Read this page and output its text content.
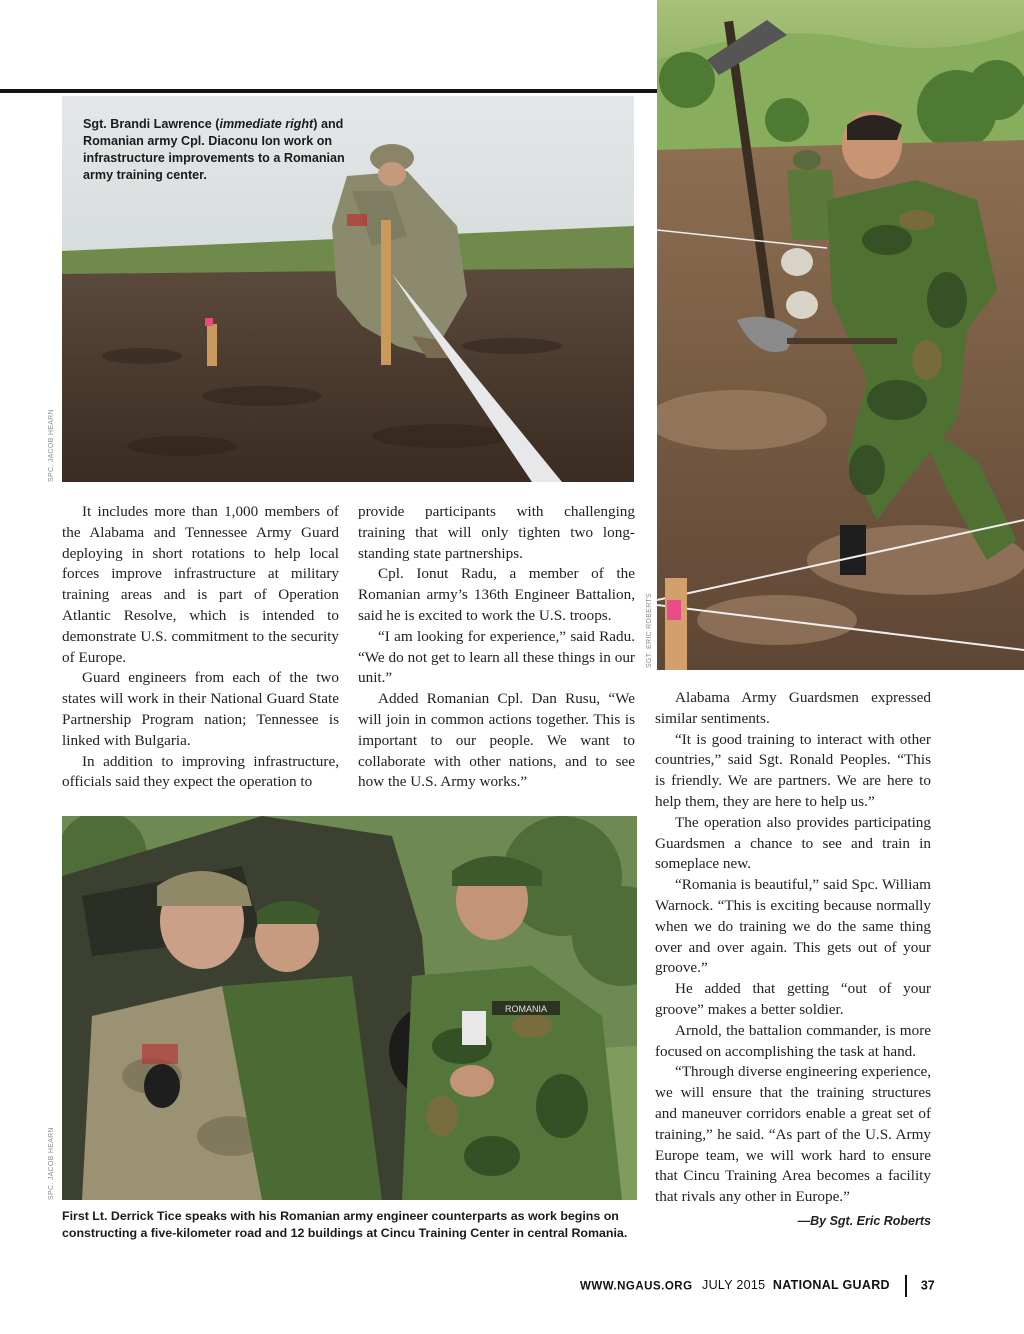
Sgt. Brandi Lawrence (immediate right) and Romanian army Cpl. Diaconu Ion work on infrastructure improvements to a Romanian army training center.
SPC. JACOB HEARN
SGT. ERIC ROBERTS

It includes more than 1,000 members of the Alabama and Tennessee Army Guard deploying in short rotations to help local forces improve infrastructure at military training areas and is part of Operation Atlantic Resolve, which is intended to demonstrate U.S. commitment to the security of Europe.

Guard engineers from each of the two states will work in their National Guard State Partnership Program nation; Tennessee is linked with Bulgaria.

In addition to improving infrastructure, officials said they expect the operation to

provide participants with challenging training that will only tighten two long-standing state partnerships.

Cpl. Ionut Radu, a member of the Romanian army’s 136th Engineer Battalion, said he is excited to work the U.S. troops.

“I am looking for experience,” said Radu. “We do not get to learn all these things in our unit.”

Added Romanian Cpl. Dan Rusu, “We will join in common actions together. This is important to our people. We want to collaborate with other nations, and to see how the U.S. Army works.”

Alabama Army Guardsmen expressed similar sentiments.

“It is good training to interact with other countries,” said Sgt. Ronald Peoples. “This is friendly. We are partners. We are here to help them, they are here to help us.”

The operation also provides participating Guardsmen a chance to see and train in someplace new.

“Romania is beautiful,” said Spc. William Warnock. “This is exciting because normally when we do training we do the same thing over and over again. This gets out of your groove.”

He added that getting “out of your groove” makes a better soldier.

Arnold, the battalion commander, is more focused on accomplishing the task at hand.

“Through diverse engineering experience, we will ensure that the training structures and maneuver corridors enable a great set of training,” he said. “As part of the U.S. Army Europe team, we will work hard to ensure that Cincu Training Area becomes a facility that rivals any other in Europe.”

—By Sgt. Eric Roberts
ROMANIA
SPC. JACOB HEARN
First Lt. Derrick Tice speaks with his Romanian army engineer counterparts as work begins on constructing a five-kilometer road and 12 buildings at Cincu Training Center in central Romania.
WWW.NGAUS.ORG JULY 2015 NATIONAL GUARD 37
